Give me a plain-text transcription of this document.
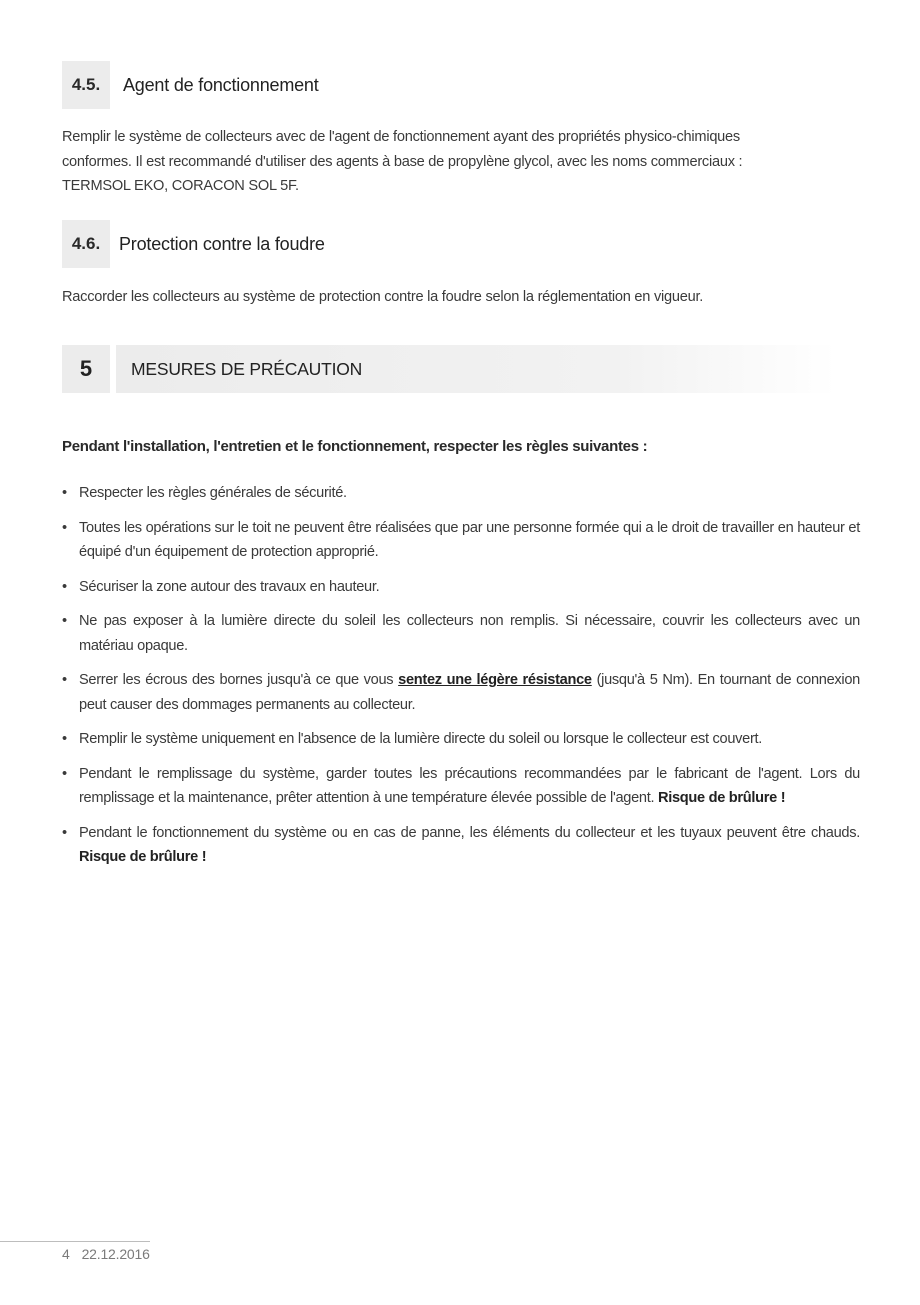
4.5.	Agent de fonctionnement

Remplir le système de collecteurs avec de l'agent de fonctionnement ayant des propriétés physico-chimiques conformes. Il est recommandé d'utiliser des agents à base de propylène glycol, avec les noms commerciaux : TERMSOL EKO, CORACON SOL 5F.

4.6.	Protection contre la foudre

Raccorder les collecteurs au système de protection contre la foudre selon la réglementation en vigueur.

5	MESURES DE PRÉCAUTION

Pendant l'installation, l'entretien et le fonctionnement, respecter les règles suivantes :

• Respecter les règles générales de sécurité.
• Toutes les opérations sur le toit ne peuvent être réalisées que par une personne formée qui a le droit de travailler en hauteur et équipé d'un équipement de protection approprié.
• Sécuriser la zone autour des travaux en hauteur.
• Ne pas exposer à la lumière directe du soleil les collecteurs non remplis. Si nécessaire, couvrir les collecteurs avec un matériau opaque.
• Serrer les écrous des bornes jusqu'à ce que vous sentez une légère résistance (jusqu'à 5 Nm). En tournant de connexion peut causer des dommages permanents au collecteur.
• Remplir le système uniquement en l'absence de la lumière directe du soleil ou lorsque le collecteur est couvert.
• Pendant le remplissage du système, garder toutes les précautions recommandées par le fabricant de l'agent. Lors du remplissage et la maintenance, prêter attention à une température élevée possible de l'agent. Risque de brûlure !
• Pendant le fonctionnement du système ou en cas de panne, les éléments du collecteur et les tuyaux peuvent être chauds. Risque de brûlure !
4 22.12.2016
